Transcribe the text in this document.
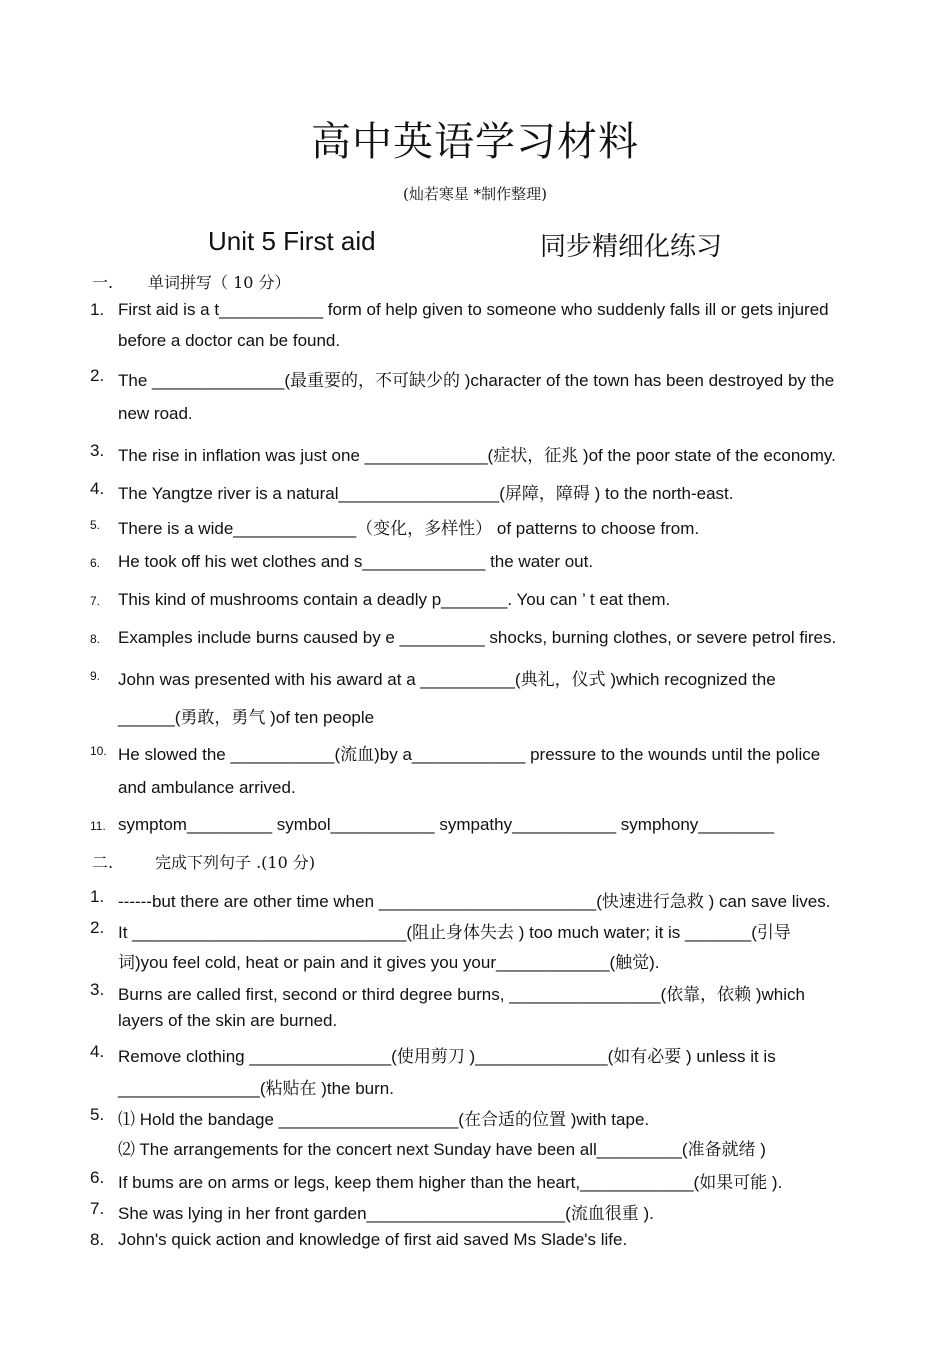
高中英语学习材料
(灿若寒星 *制作整理)
Unit 5 First aid	同步精细化练习
一. 单词拼写（ 10 分）
1. First aid is a t___________ form of help given to someone who suddenly falls ill or gets injured
before a doctor can be found.
2. The ______________(最重要的，不可缺少的 )character of the town has been destroyed by the
new road.
3. The rise in inflation was just one _____________(症状，征兆 )of the poor state of the economy.
4. The Yangtze river is a natural_________________(屏障，障碍 ) to the north-east.
5. There is a wide_____________（变化，多样性） of patterns to choose from.
6. He took off his wet clothes and s_____________ the water out.
7. This kind of mushrooms contain a deadly p_______. You can ’ t eat them.
8. Examples include burns caused by e _________ shocks, burning clothes, or severe petrol fires.
9. John was presented with his award at a __________(典礼，仪式 )which recognized the
______(勇敢，勇气 )of ten people
10. He slowed the ___________(流血)by a____________ pressure to the wounds until the police
and ambulance arrived.
11. symptom_________ symbol___________ sympathy___________ symphony________
二.	完成下列句子 .(10 分)
1. ------but there are other time when _______________________(快速进行急救 ) can save lives.
2. It _____________________________(阻止身体失去 ) too much water; it is _______(引导
词)you feel cold, heat or pain and it gives you your____________(触觉).
3. Burns are called first, second or third degree burns, ________________(依靠，依赖 )which
layers of the skin are burned.
4. Remove clothing _______________(使用剪刀 )______________(如有必要 ) unless it is
_______________(粘贴在 )the burn.
5. ⑴ Hold the bandage ___________________(在合适的位置 )with tape.
⑵ The arrangements for the concert next Sunday have been all_________(准备就绪 )
6. If bums are on arms or legs, keep them higher than the heart,____________(如果可能 ).
7. She was lying in her front garden_____________________(流血很重 ).
8. John's quick action and knowledge of first aid saved Ms Slade's life.
